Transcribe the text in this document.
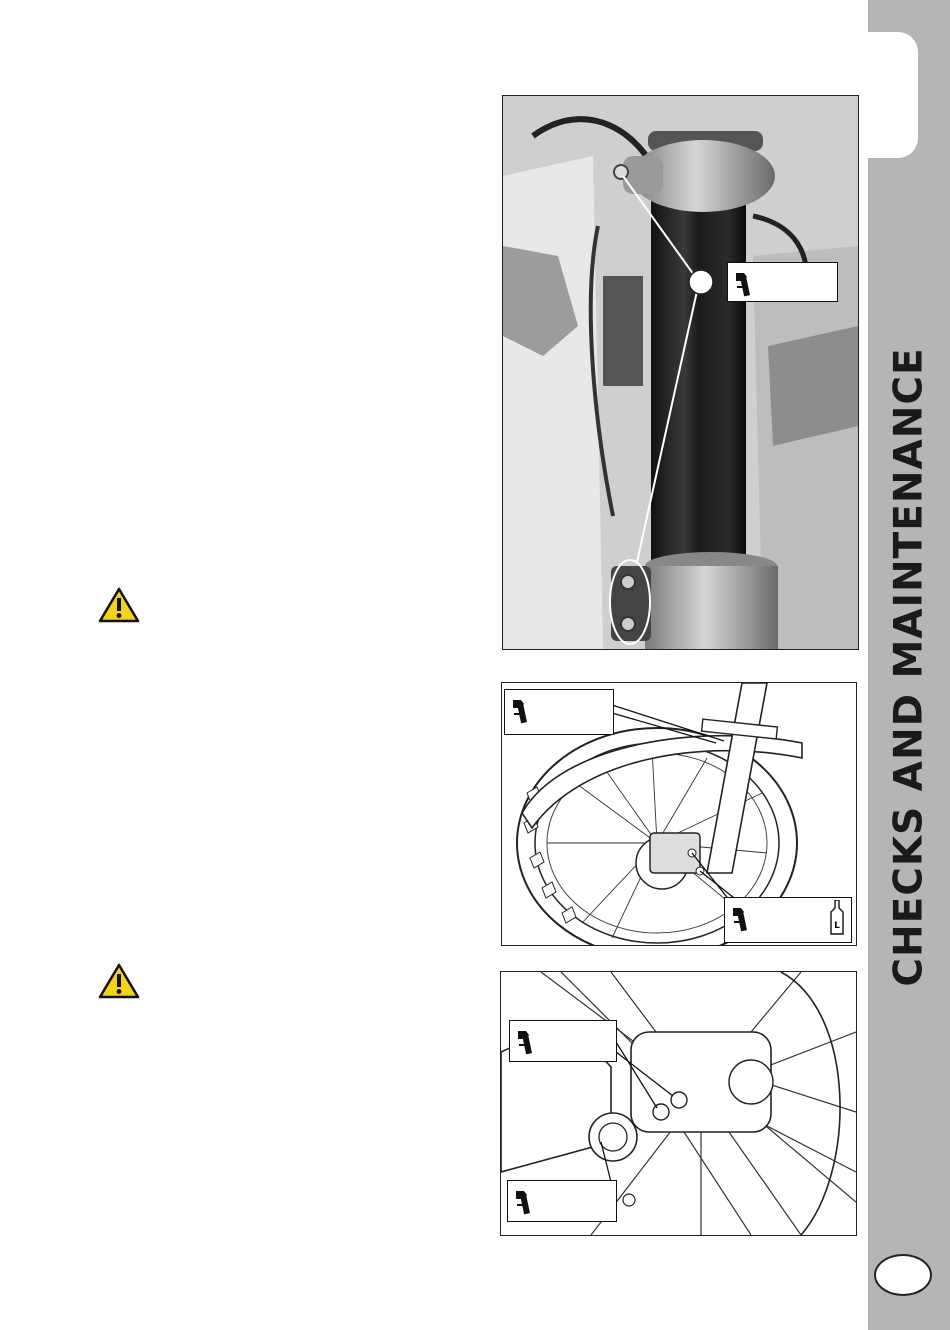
CHECKS AND MAINTENANCE
L
